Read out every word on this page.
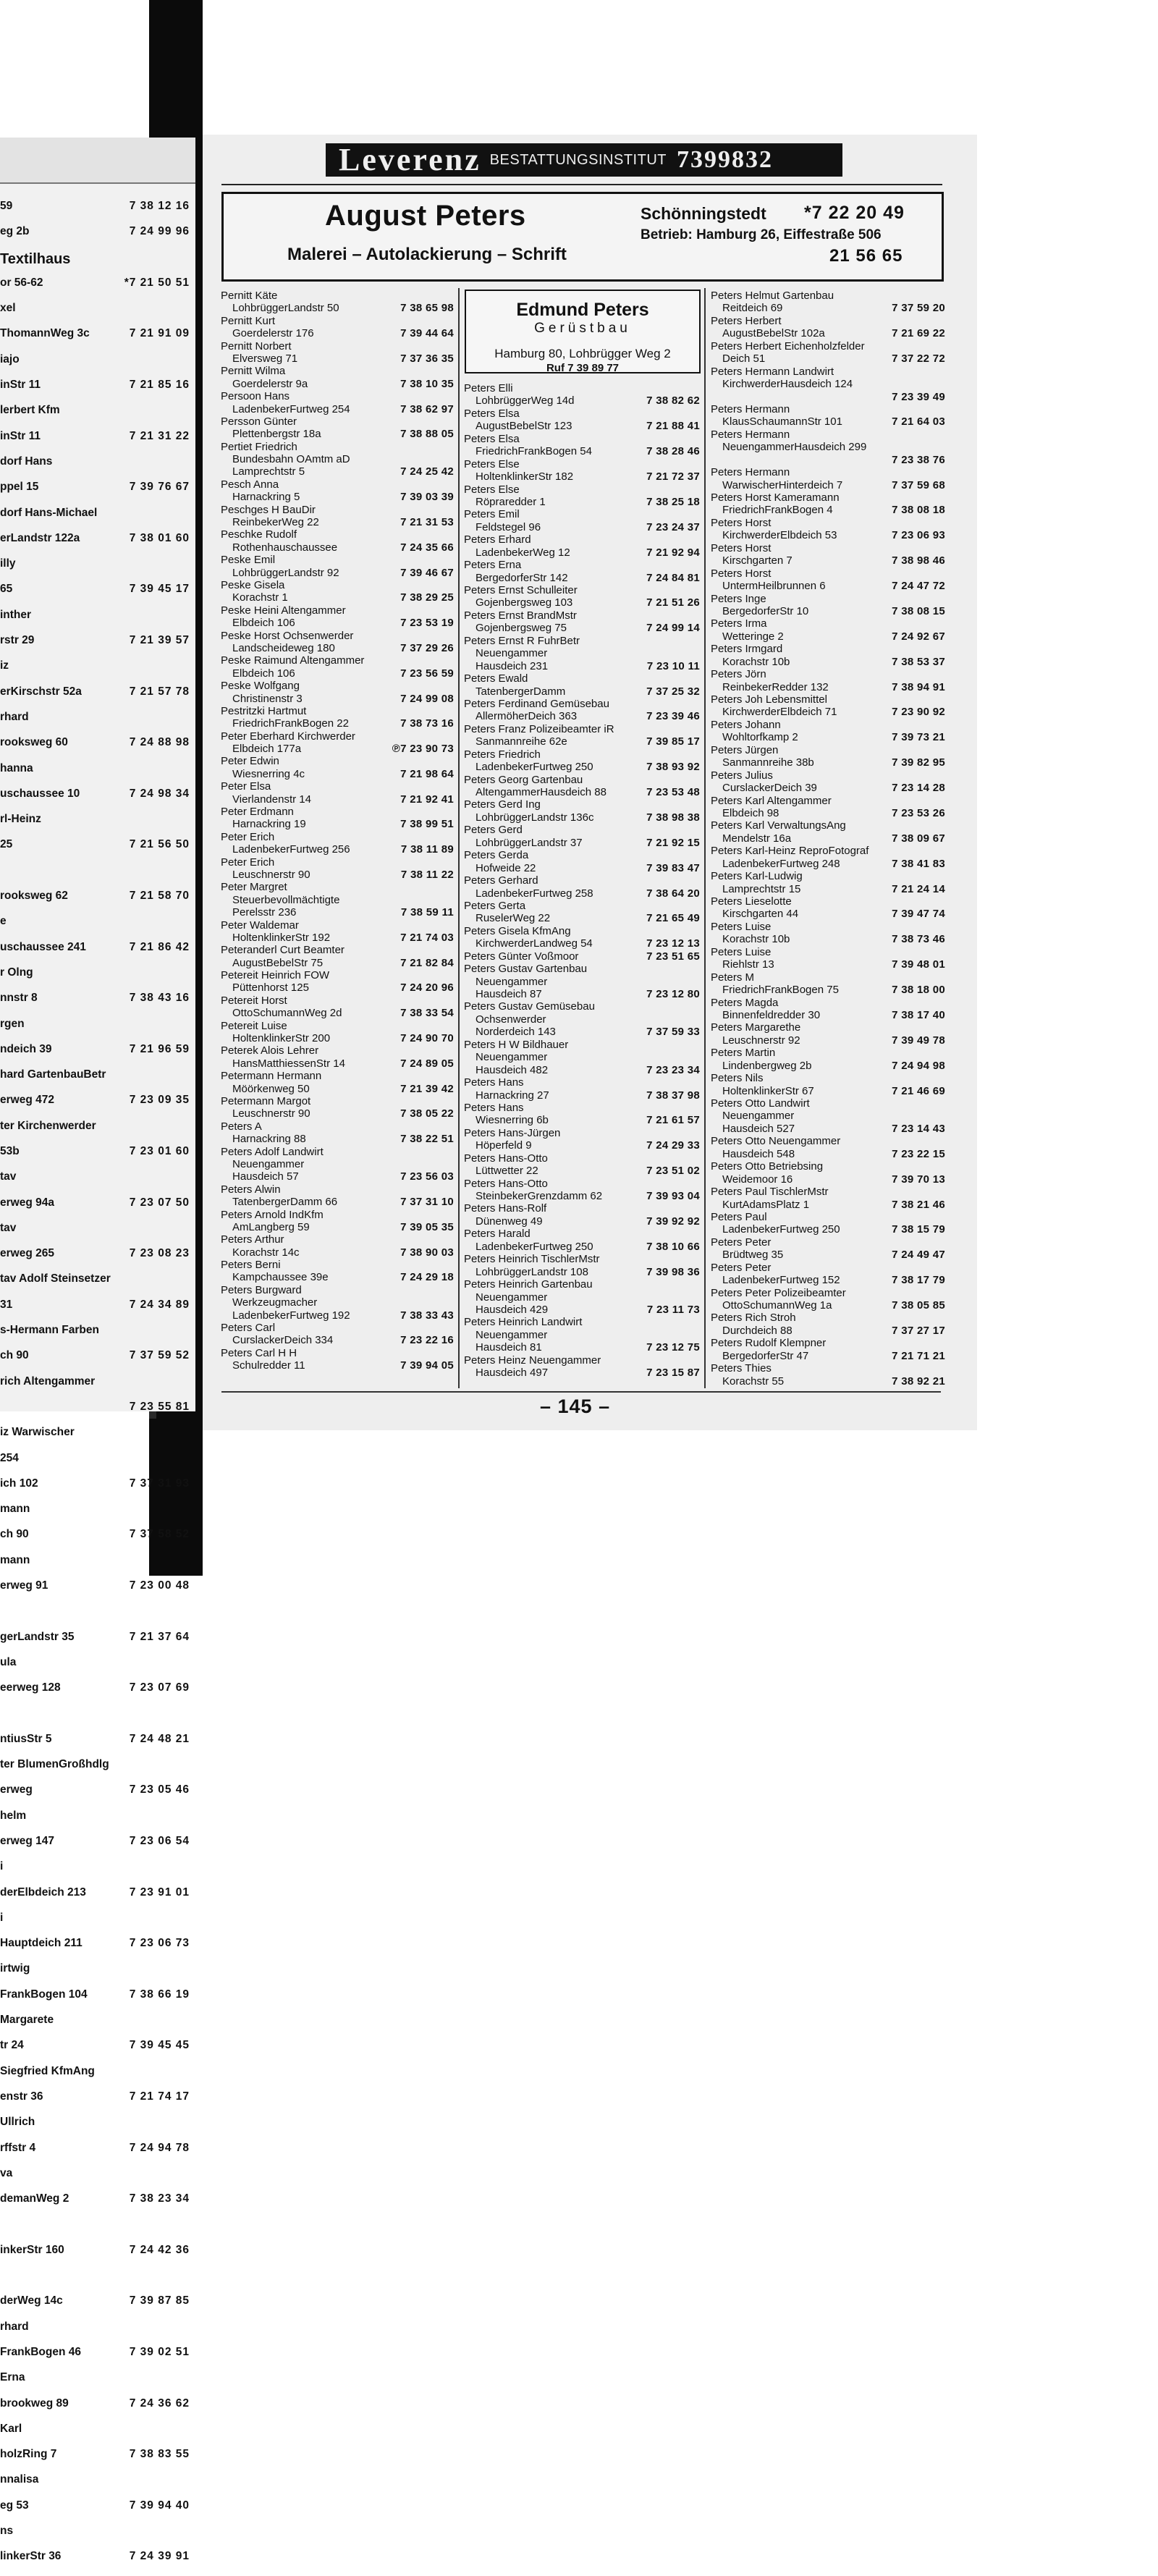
59	7 38 12 16
eg 2b	7 24 99 96
Textilhaus
or 56-62	*7 21 50 51
xel
ThomannWeg 3c	7 21 91 09
iajo
inStr 11	7 21 85 16
lerbert Kfm
inStr 11	7 21 31 22
dorf Hans
ppel 15	7 39 76 67
dorf Hans-Michael
erLandstr 122a	7 38 01 60
illy
65	7 39 45 17
inther
rstr 29	7 21 39 57
iz
erKirschstr 52a	7 21 57 78
rhard
rooksweg 60	7 24 88 98
hanna
uschaussee 10	7 24 98 34
rl-Heinz
25	7 21 56 50
rooksweg 62	7 21 58 70
e
uschaussee 241	7 21 86 42
r Olng
nnstr 8	7 38 43 16
rgen
ndeich 39	7 21 96 59
hard GartenbauBetr
erweg 472	7 23 09 35
ter Kirchenwerder
53b	7 23 01 60
tav
erweg 94a	7 23 07 50
tav
erweg 265	7 23 08 23
tav Adolf Steinsetzer
31	7 24 34 89
s-Hermann Farben
ch 90	7 37 59 52
rich Altengammer
7 23 55 81
iz Warwischer
254
ich 102	7 37 31 93
mann
ch 90	7 37 58 52
mann
erweg 91	7 23 00 48
gerLandstr 35	7 21 37 64
ula
eerweg 128	7 23 07 69
ntiusStr 5	7 24 48 21
ter BlumenGroßhdlg
erweg	7 23 05 46
helm
erweg 147	7 23 06 54
i
derElbdeich 213	7 23 91 01
i
Hauptdeich 211	7 23 06 73
irtwig
FrankBogen 104	7 38 66 19
Margarete
tr 24	7 39 45 45
Siegfried KfmAng
enstr 36	7 21 74 17
Ullrich
rffstr 4	7 24 94 78
va
demanWeg 2	7 38 23 34
inkerStr 160	7 24 42 36
derWeg 14c	7 39 87 85
rhard
FrankBogen 46	7 39 02 51
Erna
brookweg 89	7 24 36 62
Karl
holzRing 7	7 38 83 55
nnalisa
eg 53	7 39 94 40
ns
linkerStr 36	7 24 39 91
Leverenz BESTATTUNGSINSTITUT 7399832
August Peters
Malerei – Autolackierung – Schrift
Schönningstedt *7 22 20 49
Betrieb: Hamburg 26, Eiffestraße 506
21 56 65
Pernitt Käte
LohbrüggerLandstr 50	7 38 65 98
Pernitt Kurt
Goerdelerstr 176	7 39 44 64
Pernitt Norbert
Elversweg 71	7 37 36 35
Pernitt Wilma
Goerdelerstr 9a	7 38 10 35
Persoon Hans
LadenbekerFurtweg 254	7 38 62 97
Persson Günter
Plettenbergstr 18a	7 38 88 05
Pertiet Friedrich
Bundesbahn OAmtm aD
Lamprechtstr 5	7 24 25 42
Pesch Anna
Harnackring 5	7 39 03 39
Peschges H BauDir
ReinbekerWeg 22	7 21 31 53
Peschke Rudolf
Rothenhauschaussee	7 24 35 66
Peske Emil
LohbrüggerLandstr 92	7 39 46 67
Peske Gisela
Korachstr 1	7 38 29 25
Peske Heini Altengammer
Elbdeich 106	7 23 53 19
Peske Horst Ochsenwerder
Landscheideweg 180	7 37 29 26
Peske Raimund Altengammer
Elbdeich 106	7 23 56 59
Peske Wolfgang
Christinenstr 3	7 24 99 08
Pestritzki Hartmut
FriedrichFrankBogen 22	7 38 73 16
Peter Eberhard Kirchwerder
Elbdeich 177a	℗7 23 90 73
Peter Edwin
Wiesnerring 4c	7 21 98 64
Peter Elsa
Vierlandenstr 14	7 21 92 41
Peter Erdmann
Harnackring 19	7 38 99 51
Peter Erich
LadenbekerFurtweg 256	7 38 11 89
Peter Erich
Leuschnerstr 90	7 38 11 22
Peter Margret
Steuerbevollmächtigte
Perelsstr 236	7 38 59 11
Peter Waldemar
HoltenklinkerStr 192	7 21 74 03
Peteranderl Curt Beamter
AugustBebelStr 75	7 21 82 84
Petereit Heinrich FOW
Püttenhorst 125	7 24 20 96
Petereit Horst
OttoSchumannWeg 2d	7 38 33 54
Petereit Luise
HoltenklinkerStr 200	7 24 90 70
Peterek Alois Lehrer
HansMatthiessenStr 14	7 24 89 05
Petermann Hermann
Möörkenweg 50	7 21 39 42
Petermann Margot
Leuschnerstr 90	7 38 05 22
Peters A
Harnackring 88	7 38 22 51
Peters Adolf Landwirt
Neuengammer
Hausdeich 57	7 23 56 03
Peters Alwin
TatenbergerDamm 66	7 37 31 10
Peters Arnold IndKfm
AmLangberg 59	7 39 05 35
Peters Arthur
Korachstr 14c	7 38 90 03
Peters Berni
Kampchaussee 39e	7 24 29 18
Peters Burgward
Werkzeugmacher
LadenbekerFurtweg 192	7 38 33 43
Peters Carl
CurslackerDeich 334	7 23 22 16
Peters Carl H H
Schulredder 11	7 39 94 05
Edmund Peters
Gerüstbau
Hamburg 80, Lohbrügger Weg 2
Ruf 7 39 89 77
Peters Elli
LohbrüggerWeg 14d	7 38 82 62
Peters Elsa
AugustBebelStr 123	7 21 88 41
Peters Elsa
FriedrichFrankBogen 54	7 38 28 46
Peters Else
HoltenklinkerStr 182	7 21 72 37
Peters Else
Röpraredder 1	7 38 25 18
Peters Emil
Feldstegel 96	7 23 24 37
Peters Erhard
LadenbekerWeg 12	7 21 92 94
Peters Erna
BergedorferStr 142	7 24 84 81
Peters Ernst Schulleiter
Gojenbergsweg 103	7 21 51 26
Peters Ernst BrandMstr
Gojenbergsweg 75	7 24 99 14
Peters Ernst R FuhrBetr
Neuengammer
Hausdeich 231	7 23 10 11
Peters Ewald
TatenbergerDamm	7 37 25 32
Peters Ferdinand Gemüsebau
AllermöherDeich 363	7 23 39 46
Peters Franz Polizeibeamter iR
Sanmannreihe 62e	7 39 85 17
Peters Friedrich
LadenbekerFurtweg 250	7 38 93 92
Peters Georg Gartenbau
AltengammerHausdeich 88	7 23 53 48
Peters Gerd Ing
LohbrüggerLandstr 136c	7 38 98 38
Peters Gerd
LohbrüggerLandstr 37	7 21 92 15
Peters Gerda
Hofweide 22	7 39 83 47
Peters Gerhard
LadenbekerFurtweg 258	7 38 64 20
Peters Gerta
RuselerWeg 22	7 21 65 49
Peters Gisela KfmAng
KirchwerderLandweg 54	7 23 12 13
Peters Günter Voßmoor	7 23 51 65
Peters Gustav Gartenbau
Neuengammer
Hausdeich 87	7 23 12 80
Peters Gustav Gemüsebau
Ochsenwerder
Norderdeich 143	7 37 59 33
Peters H W Bildhauer
Neuengammer
Hausdeich 482	7 23 23 34
Peters Hans
Harnackring 27	7 38 37 98
Peters Hans
Wiesnerring 6b	7 21 61 57
Peters Hans-Jürgen
Höperfeld 9	7 24 29 33
Peters Hans-Otto
Lüttwetter 22	7 23 51 02
Peters Hans-Otto
SteinbekerGrenzdamm 62	7 39 93 04
Peters Hans-Rolf
Dünenweg 49	7 39 92 92
Peters Harald
LadenbekerFurtweg 250	7 38 10 66
Peters Heinrich TischlerMstr
LohbrüggerLandstr 108	7 39 98 36
Peters Heinrich Gartenbau
Neuengammer
Hausdeich 429	7 23 11 73
Peters Heinrich Landwirt
Neuengammer
Hausdeich 81	7 23 12 75
Peters Heinz Neuengammer
Hausdeich 497	7 23 15 87
Peters Helmut Gartenbau
Reitdeich 69	7 37 59 20
Peters Herbert
AugustBebelStr 102a	7 21 69 22
Peters Herbert Eichenholzfelder
Deich 51	7 37 22 72
Peters Hermann Landwirt
KirchwerderHausdeich 124
7 23 39 49
Peters Hermann
KlausSchaumannStr 101	7 21 64 03
Peters Hermann
NeuengammerHausdeich 299
7 23 38 76
Peters Hermann
WarwischerHinterdeich 7	7 37 59 68
Peters Horst Kameramann
FriedrichFrankBogen 4	7 38 08 18
Peters Horst
KirchwerderElbdeich 53	7 23 06 93
Peters Horst
Kirschgarten 7	7 38 98 46
Peters Horst
UntermHeilbrunnen 6	7 24 47 72
Peters Inge
BergedorferStr 10	7 38 08 15
Peters Irma
Wetteringe 2	7 24 92 67
Peters Irmgard
Korachstr 10b	7 38 53 37
Peters Jörn
ReinbekerRedder 132	7 38 94 91
Peters Joh Lebensmittel
KirchwerderElbdeich 71	7 23 90 92
Peters Johann
Wohltorfkamp 2	7 39 73 21
Peters Jürgen
Sanmannreihe 38b	7 39 82 95
Peters Julius
CurslackerDeich 39	7 23 14 28
Peters Karl Altengammer
Elbdeich 98	7 23 53 26
Peters Karl VerwaltungsAng
Mendelstr 16a	7 38 09 67
Peters Karl-Heinz ReproFotograf
LadenbekerFurtweg 248	7 38 41 83
Peters Karl-Ludwig
Lamprechtstr 15	7 21 24 14
Peters Lieselotte
Kirschgarten 44	7 39 47 74
Peters Luise
Korachstr 10b	7 38 73 46
Peters Luise
Riehlstr 13	7 39 48 01
Peters M
FriedrichFrankBogen 75	7 38 18 00
Peters Magda
Binnenfeldredder 30	7 38 17 40
Peters Margarethe
Leuschnerstr 92	7 39 49 78
Peters Martin
Lindenbergweg 2b	7 24 94 98
Peters Nils
HoltenklinkerStr 67	7 21 46 69
Peters Otto Landwirt
Neuengammer
Hausdeich 527	7 23 14 43
Peters Otto Neuengammer
Hausdeich 548	7 23 22 15
Peters Otto Betriebsing
Weidemoor 16	7 39 70 13
Peters Paul TischlerMstr
KurtAdamsPlatz 1	7 38 21 46
Peters Paul
LadenbekerFurtweg 250	7 38 15 79
Peters Peter
Brüdtweg 35	7 24 49 47
Peters Peter
LadenbekerFurtweg 152	7 38 17 79
Peters Peter Polizeibeamter
OttoSchumannWeg 1a	7 38 05 85
Peters Rich Stroh
Durchdeich 88	7 37 27 17
Peters Rudolf Klempner
BergedorferStr 47	7 21 71 21
Peters Thies
Korachstr 55	7 38 92 21
– 145 –
